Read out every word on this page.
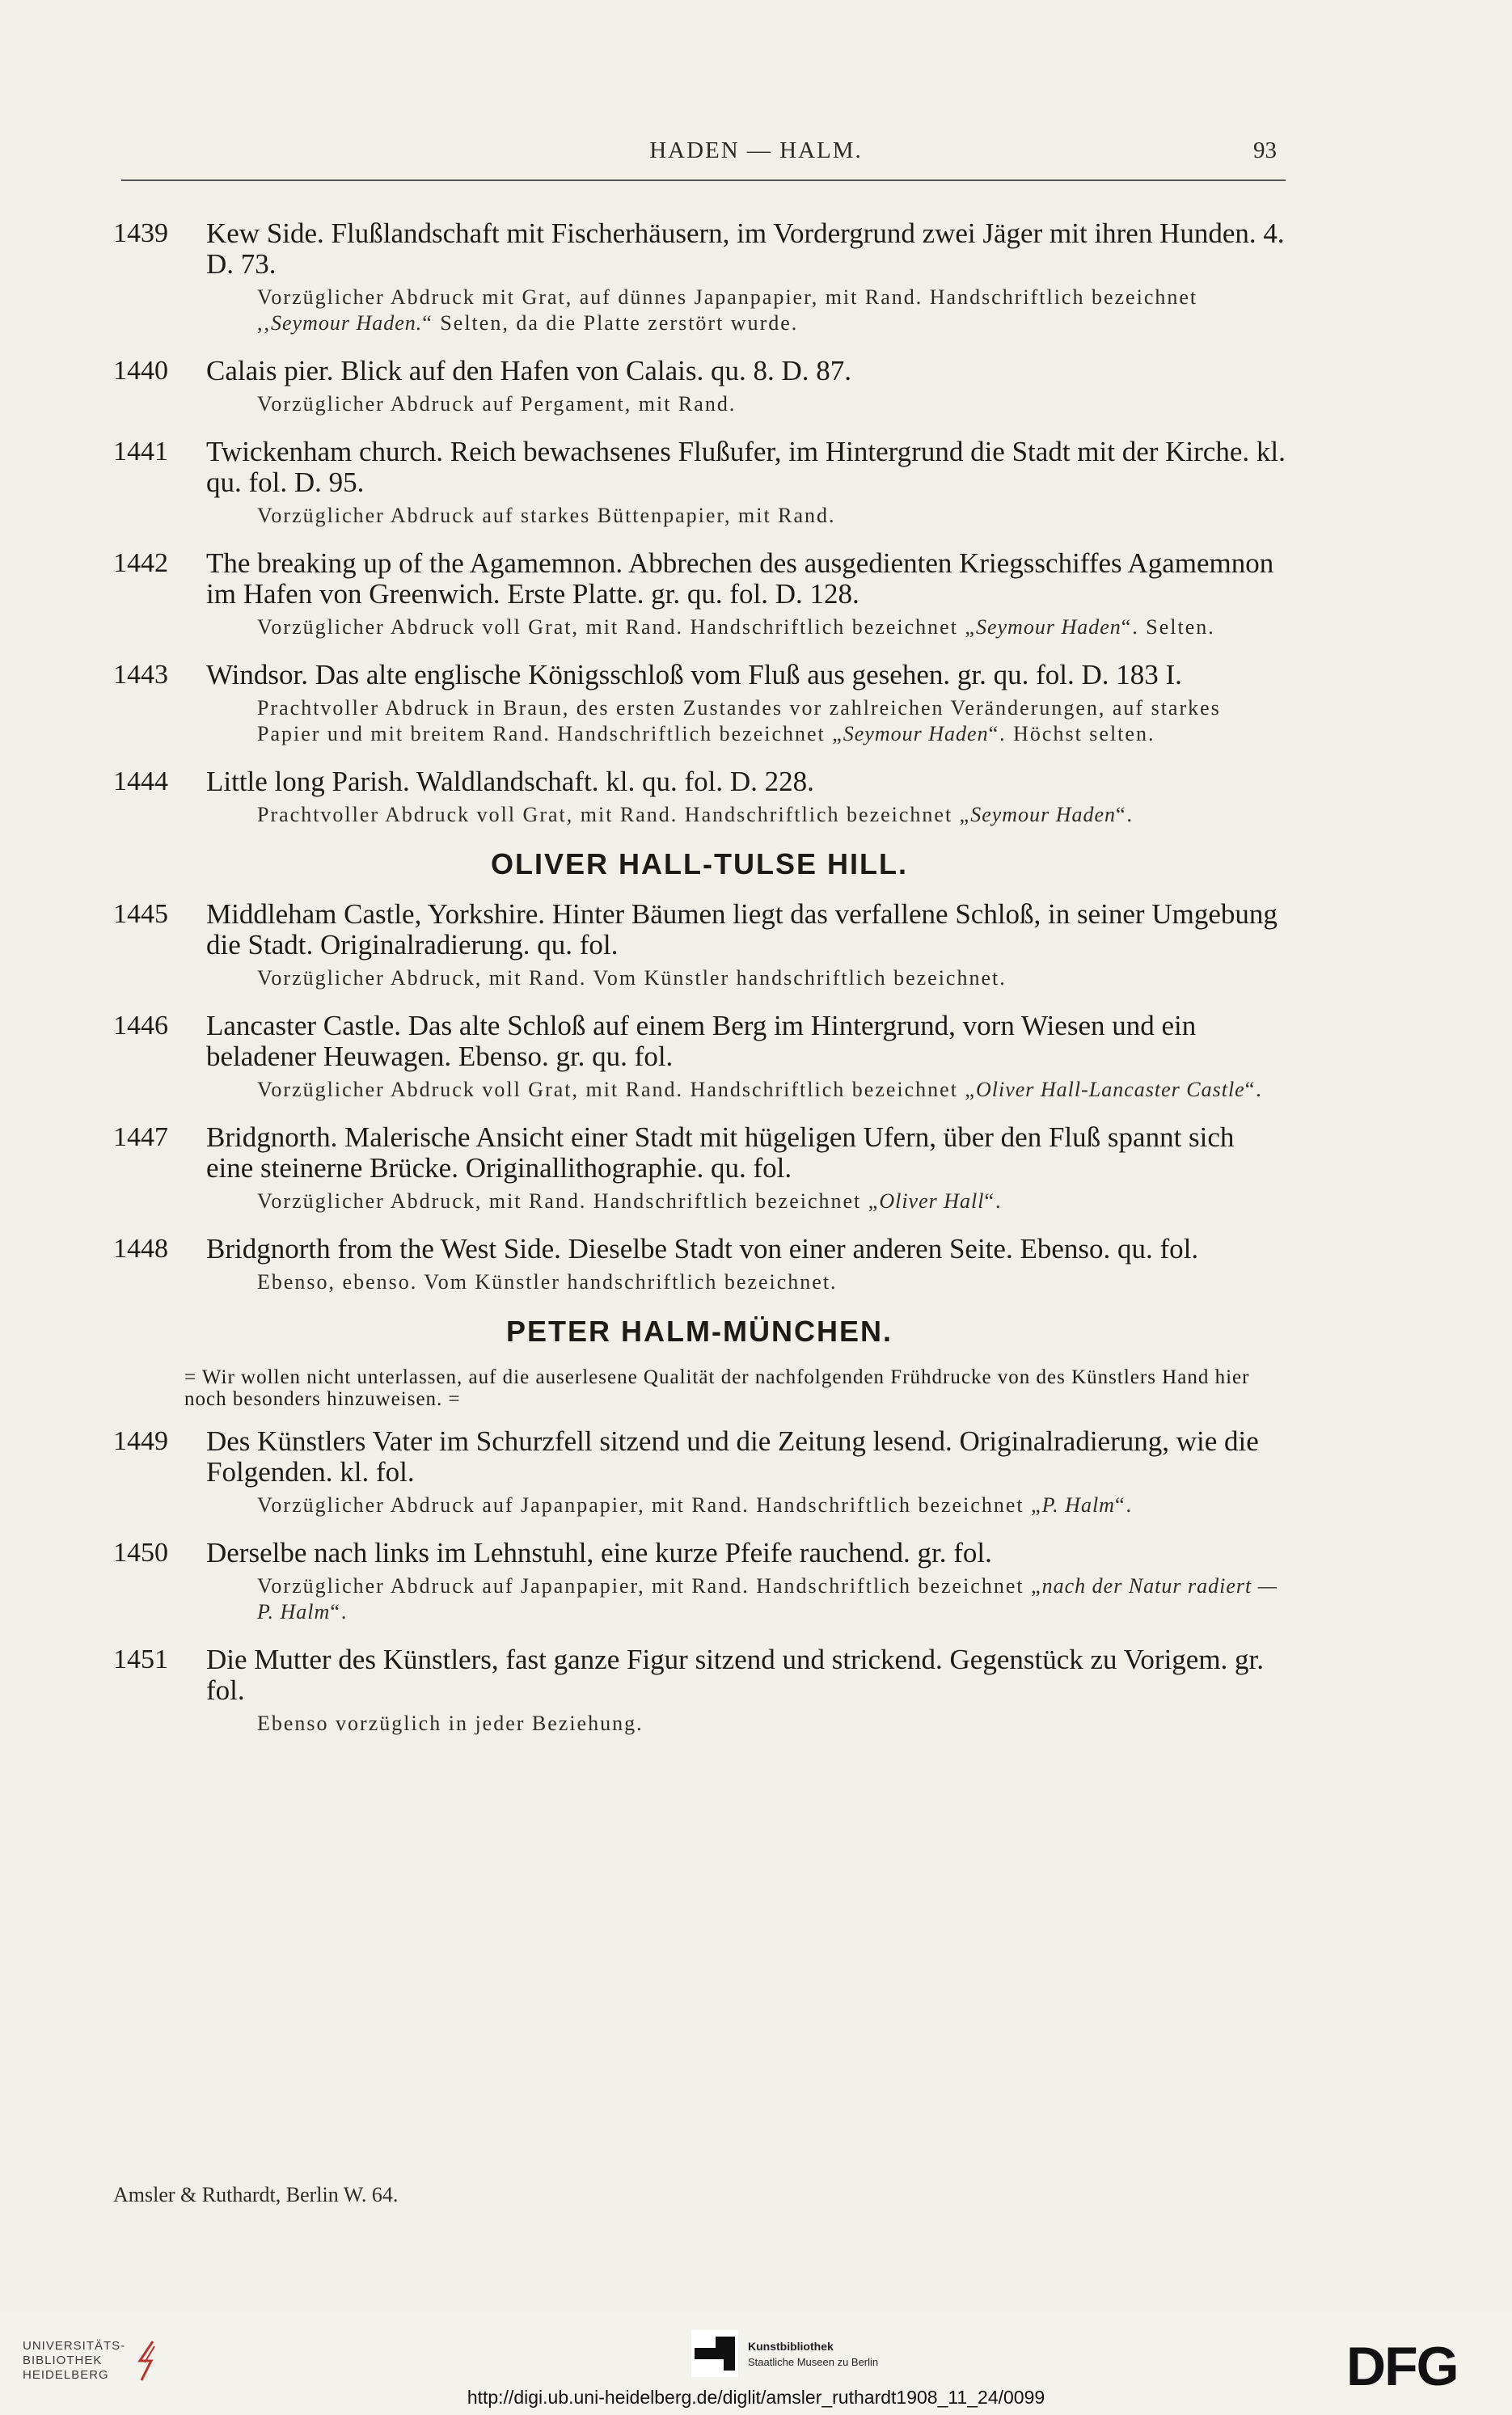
HADEN — HALM.	93
1439	Kew Side. Flußlandschaft mit Fischerhäusern, im Vordergrund zwei Jäger mit ihren Hunden. 4. D. 73.
Vorzüglicher Abdruck mit Grat, auf dünnes Japanpapier, mit Rand. Handschriftlich bezeichnet ,,Seymour Haden.“ Selten, da die Platte zerstört wurde.
1440	Calais pier. Blick auf den Hafen von Calais. qu. 8. D. 87.
Vorzüglicher Abdruck auf Pergament, mit Rand.
1441	Twickenham church. Reich bewachsenes Flußufer, im Hintergrund die Stadt mit der Kirche. kl. qu. fol. D. 95.
Vorzüglicher Abdruck auf starkes Büttenpapier, mit Rand.
1442	The breaking up of the Agamemnon. Abbrechen des ausgedienten Kriegsschiffes Agamemnon im Hafen von Greenwich. Erste Platte. gr. qu. fol. D. 128.
Vorzüglicher Abdruck voll Grat, mit Rand. Handschriftlich bezeichnet „Seymour Haden“. Selten.
1443	Windsor. Das alte englische Königsschloß vom Fluß aus gesehen. gr. qu. fol. D. 183 I.
Prachtvoller Abdruck in Braun, des ersten Zustandes vor zahlreichen Veränderungen, auf starkes Papier und mit breitem Rand. Handschriftlich bezeichnet „Seymour Haden“. Höchst selten.
1444	Little long Parish. Waldlandschaft. kl. qu. fol. D. 228.
Prachtvoller Abdruck voll Grat, mit Rand. Handschriftlich bezeichnet „Seymour Haden“.
OLIVER HALL-TULSE HILL.
1445	Middleham Castle, Yorkshire. Hinter Bäumen liegt das verfallene Schloß, in seiner Umgebung die Stadt. Originalradierung. qu. fol.
Vorzüglicher Abdruck, mit Rand. Vom Künstler handschriftlich bezeichnet.
1446	Lancaster Castle. Das alte Schloß auf einem Berg im Hintergrund, vorn Wiesen und ein beladener Heuwagen. Ebenso. gr. qu. fol.
Vorzüglicher Abdruck voll Grat, mit Rand. Handschriftlich bezeichnet „Oliver Hall-Lancaster Castle“.
1447	Bridgnorth. Malerische Ansicht einer Stadt mit hügeligen Ufern, über den Fluß spannt sich eine steinerne Brücke. Originallithographie. qu. fol.
Vorzüglicher Abdruck, mit Rand. Handschriftlich bezeichnet „Oliver Hall“.
1448	Bridgnorth from the West Side. Dieselbe Stadt von einer anderen Seite. Ebenso. qu. fol.
Ebenso, ebenso. Vom Künstler handschriftlich bezeichnet.
PETER HALM-MÜNCHEN.
= Wir wollen nicht unterlassen, auf die auserlesene Qualität der nachfolgenden Frühdrucke von des Künstlers Hand hier noch besonders hinzuweisen. =
1449	Des Künstlers Vater im Schurzfell sitzend und die Zeitung lesend. Originalradierung, wie die Folgenden. kl. fol.
Vorzüglicher Abdruck auf Japanpapier, mit Rand. Handschriftlich bezeichnet „P. Halm“.
1450	Derselbe nach links im Lehnstuhl, eine kurze Pfeife rauchend. gr. fol.
Vorzüglicher Abdruck auf Japanpapier, mit Rand. Handschriftlich bezeichnet „nach der Natur radiert — P. Halm“.
1451	Die Mutter des Künstlers, fast ganze Figur sitzend und strickend. Gegenstück zu Vorigem. gr. fol.
Ebenso vorzüglich in jeder Beziehung.
Amsler & Ruthardt, Berlin W. 64.
UNIVERSITÄTS-
BIBLIOTHEK
HEIDELBERG
Kunstbibliothek
Staatliche Museen zu Berlin	DFG
http://digi.ub.uni-heidelberg.de/diglit/amsler_ruthardt1908_11_24/0099
